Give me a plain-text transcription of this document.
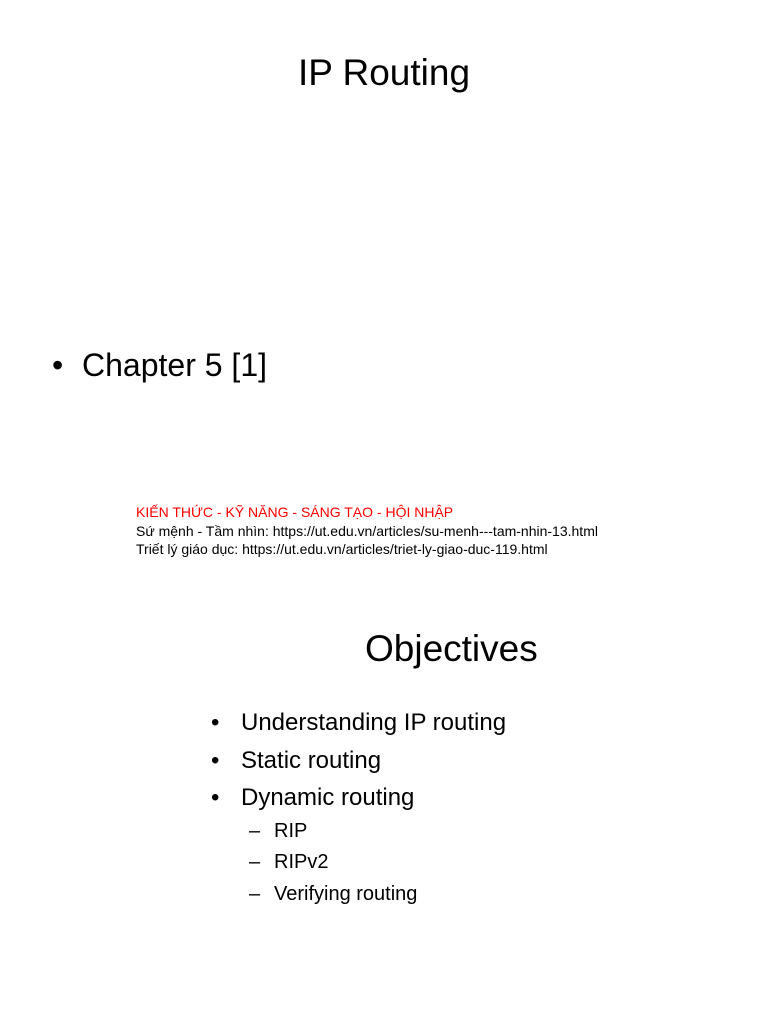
IP Routing
• Chapter 5 [1]
KIẾN THỨC - KỸ NĂNG - SÁNG TẠO - HỘI NHẬP
Sứ mệnh - Tầm nhìn: https://ut.edu.vn/articles/su-menh---tam-nhin-13.html
Triết lý giáo dục: https://ut.edu.vn/articles/triet-ly-giao-duc-119.html
Objectives
• Understanding IP routing
• Static routing
• Dynamic routing
– RIP
– RIPv2
– Verifying routing
